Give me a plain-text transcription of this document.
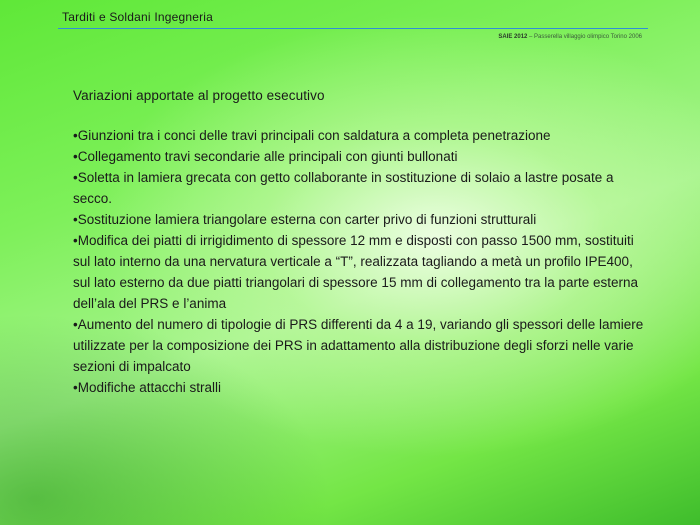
Tarditi e Soldani Ingegneria
SAIE 2012 – Passerella villaggio olimpico Torino 2006

Variazioni apportate al progetto esecutivo

•Giunzioni tra i conci delle travi principali con saldatura a completa penetrazione

•Collegamento travi secondarie alle principali con giunti bullonati

•Soletta in lamiera grecata con getto collaborante in sostituzione di solaio a lastre posate a secco.

•Sostituzione lamiera triangolare esterna con carter privo di funzioni strutturali

•Modifica dei piatti di irrigidimento di spessore 12 mm e disposti con passo 1500 mm, sostituiti sul lato interno da una nervatura verticale a “T”, realizzata tagliando a metà un profilo IPE400, sul lato esterno da due piatti triangolari di spessore 15 mm di collegamento tra la parte esterna dell’ala del PRS e l’anima

•Aumento del numero di tipologie di PRS differenti da 4 a 19, variando gli spessori delle lamiere utilizzate per la composizione dei PRS in adattamento alla distribuzione degli sforzi nelle varie sezioni di impalcato

•Modifiche attacchi stralli
